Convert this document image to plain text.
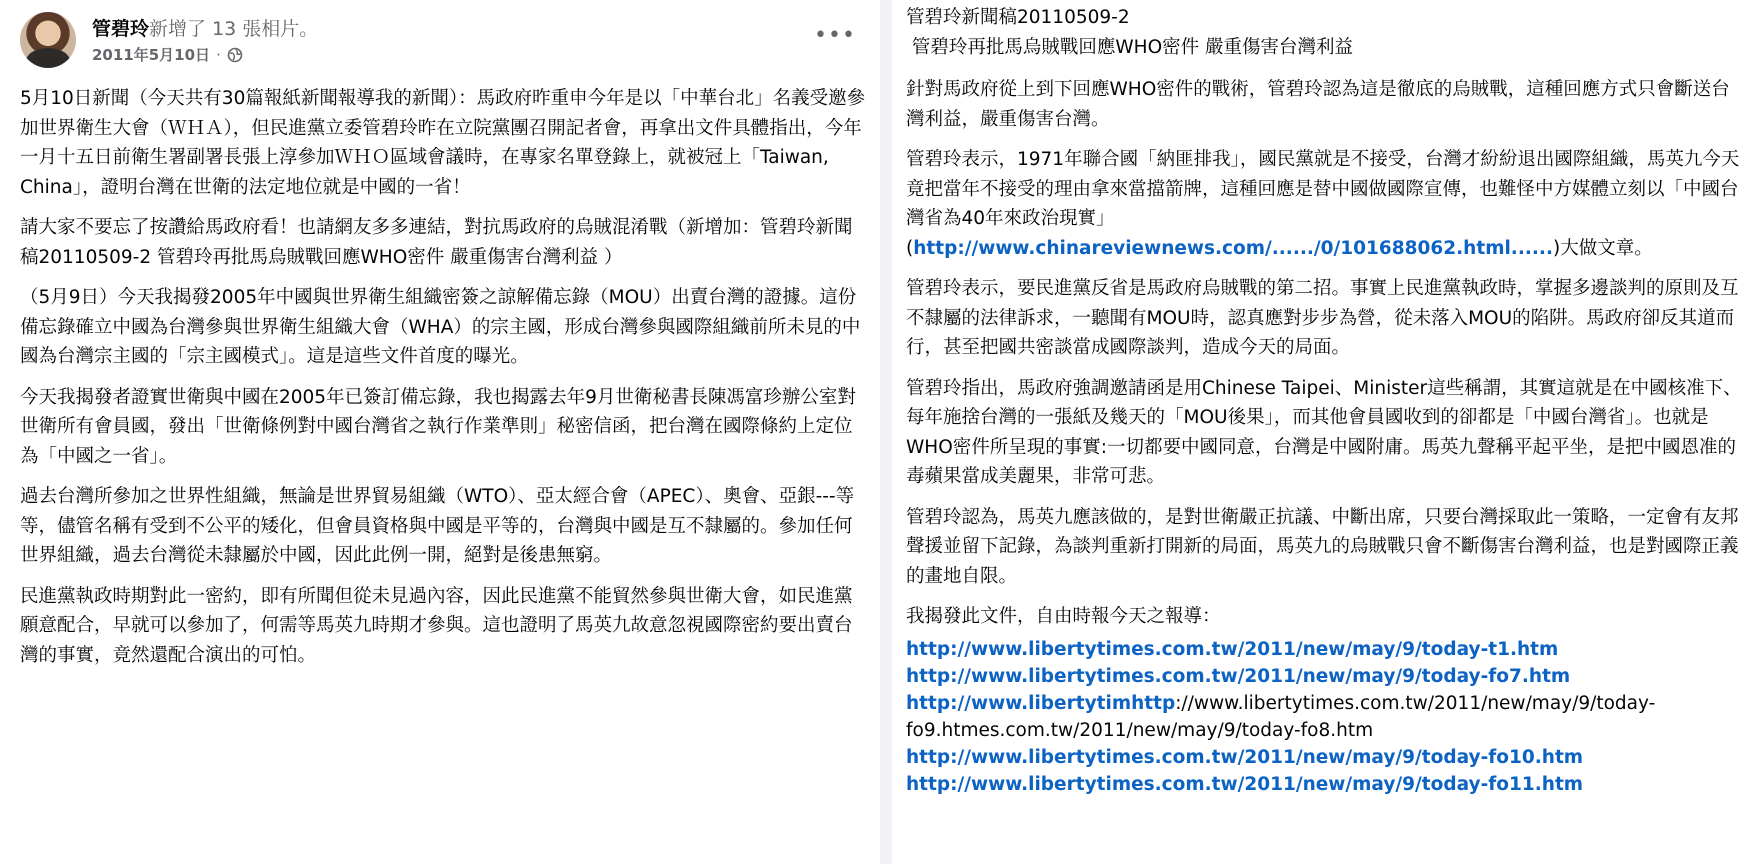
管碧玲新增了 13 張相片。
2011年5月10日 ·
•••

5月10日新聞（今天共有30篇報紙新聞報導我的新聞）：馬政府昨重申今年是以「中華台北」名義受邀參加世界衛生大會（ＷＨＡ），但民進黨立委管碧玲昨在立院黨團召開記者會，再拿出文件具體指出，今年一月十五日前衛生署副署長張上淳參加ＷＨＯ區域會議時，在專家名單登錄上，就被冠上「Taiwan, China」，證明台灣在世衛的法定地位就是中國的一省！

請大家不要忘了按讚給馬政府看！也請網友多多連結，對抗馬政府的烏賊混淆戰（新增加：管碧玲新聞稿20110509-2 管碧玲再批馬烏賊戰回應WHO密件 嚴重傷害台灣利益 ）

（5月9日）今天我揭發2005年中國與世界衛生組織密簽之諒解備忘錄（MOU）出賣台灣的證據。這份備忘錄確立中國為台灣參與世界衛生組織大會（WHA）的宗主國，形成台灣參與國際組織前所未見的中國為台灣宗主國的「宗主國模式」。這是這些文件首度的曝光。

今天我揭發者證實世衛與中國在2005年已簽訂備忘錄，我也揭露去年9月世衛秘書長陳馮富珍辦公室對世衛所有會員國，發出「世衛條例對中國台灣省之執行作業準則」秘密信函，把台灣在國際條約上定位為「中國之一省」。

過去台灣所參加之世界性組織，無論是世界貿易組織（WTO）、亞太經合會（APEC）、奧會、亞銀---等等，儘管名稱有受到不公平的矮化，但會員資格與中國是平等的，台灣與中國是互不隸屬的。參加任何世界組織，過去台灣從未隸屬於中國，因此此例一開，絕對是後患無窮。

民進黨執政時期對此一密約，即有所聞但從未見過內容，因此民進黨不能貿然參與世衛大會，如民進黨願意配合，早就可以參加了，何需等馬英九時期才參與。這也證明了馬英九故意忽視國際密約要出賣台灣的事實，竟然還配合演出的可怕。

管碧玲新聞稿20110509-2

管碧玲再批馬烏賊戰回應WHO密件 嚴重傷害台灣利益

針對馬政府從上到下回應WHO密件的戰術，管碧玲認為這是徹底的烏賊戰，這種回應方式只會斷送台灣利益，嚴重傷害台灣。

管碧玲表示，1971年聯合國「納匪排我」，國民黨就是不接受，台灣才紛紛退出國際組織，馬英九今天竟把當年不接受的理由拿來當擋箭牌，這種回應是替中國做國際宣傳，也難怪中方媒體立刻以「中國台灣省為40年來政治現實」(http://www.chinareviewnews.com/....../0/101688062.html......)大做文章。

管碧玲表示，要民進黨反省是馬政府烏賊戰的第二招。事實上民進黨執政時，掌握多邊談判的原則及互不隸屬的法律訴求，一聽聞有MOU時，認真應對步步為營，從未落入MOU的陷阱。馬政府卻反其道而行，甚至把國共密談當成國際談判，造成今天的局面。

管碧玲指出，馬政府強調邀請函是用Chinese Taipei、Minister這些稱謂，其實這就是在中國核准下、每年施捨台灣的一張紙及幾天的「MOU後果」，而其他會員國收到的卻都是「中國台灣省」。也就是WHO密件所呈現的事實:一切都要中國同意，台灣是中國附庸。馬英九聲稱平起平坐，是把中國恩准的毒蘋果當成美麗果，非常可悲。

管碧玲認為，馬英九應該做的，是對世衛嚴正抗議、中斷出席，只要台灣採取此一策略，一定會有友邦聲援並留下記錄，為談判重新打開新的局面，馬英九的烏賊戰只會不斷傷害台灣利益，也是對國際正義的畫地自限。

我揭發此文件，自由時報今天之報導：

http://www.libertytimes.com.tw/2011/new/may/9/today-t1.htm

http://www.libertytimes.com.tw/2011/new/may/9/today-fo7.htm

http://www.libertytimhttp://www.libertytimes.com.tw/2011/new/may/9/today-fo9.htmes.com.tw/2011/new/may/9/today-fo8.htm

http://www.libertytimes.com.tw/2011/new/may/9/today-fo10.htm

http://www.libertytimes.com.tw/2011/new/may/9/today-fo11.htm
